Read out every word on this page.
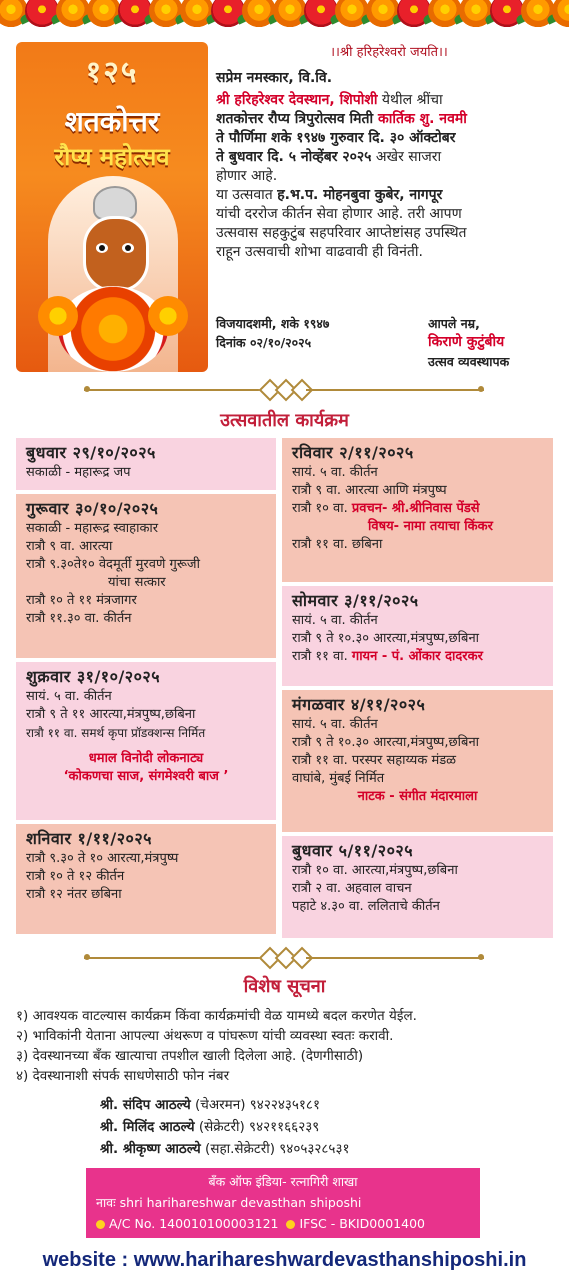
१२५
शतकोत्तर
रौप्य महोत्सव
।।श्री हरिहरेश्वरो जयति।।
सप्रेम नमस्कार, वि.वि.
श्री हरिहरेश्वर देवस्थान, शिपोशी येथील श्रींचा
शतकोत्तर रौप्य त्रिपुरोत्सव मिती कार्तिक शु. नवमी
ते पौर्णिमा शके १९४७ गुरुवार दि. ३० ऑक्टोबर
ते बुधवार दि. ५ नोव्हेंबर २०२५ अखेर साजरा
होणार आहे.
या उत्सवात ह.भ.प. मोहनबुवा कुबेर, नागपूर
यांची दररोज कीर्तन सेवा होणार आहे. तरी आपण
उत्सवास सहकुटुंब सहपरिवार आप्तेष्टांसह उपस्थित
राहून उत्सवाची शोभा वाढवावी ही विनंती.
विजयादशमी, शके १९४७
दिनांक ०२/१०/२०२५
आपले नम्र,
किराणे कुटुंबीय
उत्सव व्यवस्थापक
उत्सवातील कार्यक्रम
बुधवार २९/१०/२०२५
सकाळी - महारूद्र जप
गुरूवार ३०/१०/२०२५
सकाळी - महारूद्र स्वाहाकार
रात्रौ ९ वा. आरत्या
रात्रौ ९.३०ते१० वेदमूर्ती मुरवणे गुरूजी
यांचा सत्कार
रात्रौ १० ते ११ मंत्रजागर
रात्रौ ११.३० वा. कीर्तन
शुक्रवार ३१/१०/२०२५
सायं. ५ वा. कीर्तन
रात्रौ ९ ते ११ आरत्या,मंत्रपुष्प,छबिना
रात्रौ ११ वा. समर्थ कृपा प्रॉडक्शन्स निर्मित
धमाल विनोदी लोकनाट्य
‘कोकणचा साज, संगमेश्वरी बाज ’
शनिवार १/११/२०२५
रात्रौ ९.३० ते १० आरत्या,मंत्रपुष्प
रात्रौ १० ते १२ कीर्तन
रात्रौ १२ नंतर छबिना
रविवार २/११/२०२५
सायं. ५ वा. कीर्तन
रात्रौ ९ वा. आरत्या आणि मंत्रपुष्प
रात्रौ १० वा. प्रवचन- श्री.श्रीनिवास पेंडसे
विषय- नामा तयाचा किंकर
रात्रौ ११ वा. छबिना
सोमवार ३/११/२०२५
सायं. ५ वा. कीर्तन
रात्रौ ९ ते १०.३० आरत्या,मंत्रपुष्प,छबिना
रात्रौ ११ वा. गायन - पं. ओंकार दादरकर
मंगळवार ४/११/२०२५
सायं. ५ वा. कीर्तन
रात्रौ ९ ते १०.३० आरत्या,मंत्रपुष्प,छबिना
रात्रौ ११ वा. परस्पर सहाय्यक मंडळ
वाघांबे, मुंबई निर्मित
नाटक - संगीत मंदारमाला
बुधवार ५/११/२०२५
रात्रौ १० वा. आरत्या,मंत्रपुष्प,छबिना
रात्रौ २ वा. अहवाल वाचन
पहाटे ४.३० वा. ललिताचे कीर्तन
विशेष सूचना
१) आवश्यक वाटल्यास कार्यक्रम किंवा कार्यक्रमांची वेळ यामध्ये बदल करणेत येईल.
२) भाविकांनी येताना आपल्या अंथरूण व पांघरूण यांची व्यवस्था स्वतः करावी.
३) देवस्थानच्या बँक खात्याचा तपशील खाली दिलेला आहे. (देणगीसाठी)
४) देवस्थानाशी संपर्क साधणेसाठी फोन नंबर
श्री. संदिप आठल्ये (चेअरमन) ९४२२४३५१८१
श्री. मिलिंद आठल्ये (सेक्रेटरी) ९४२११६६२३९
श्री. श्रीकृष्ण आठल्ये (सहा.सेक्रेटरी) ९४०५३२८५३१
बँक ऑफ इंडिया- रत्नागिरी शाखा
नावः shri harihareshwar devasthan shiposhi
A/C No. 140010100003121 IFSC - BKID0001400
website : www.harihareshwardevasthanshiposhi.in
